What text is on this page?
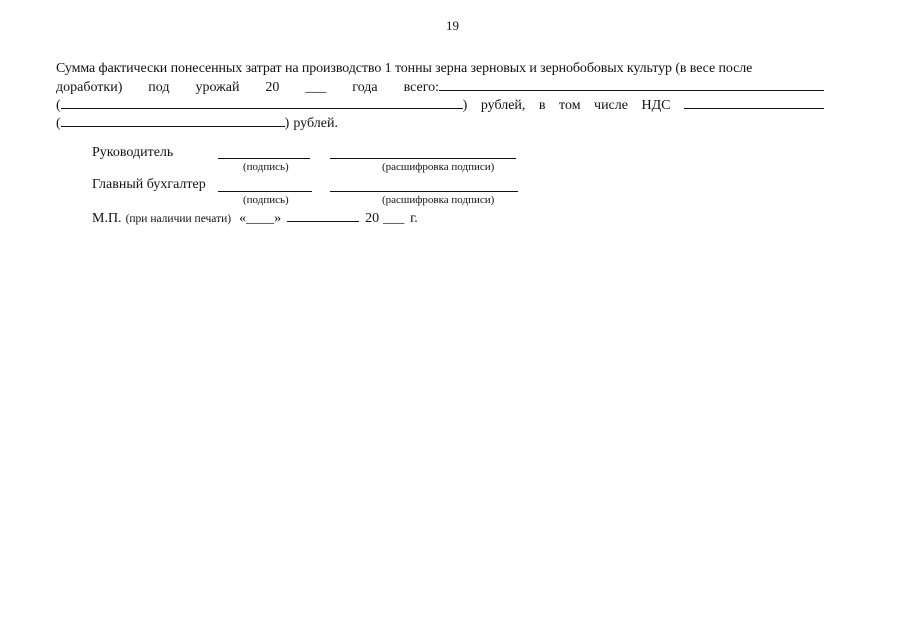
19
Сумма фактически понесенных затрат на производство 1 тонны зерна зерновых и зернобобовых культур (в весе после
доработки) под урожай 20 ___ года всего:
(	) рублей, в том числе НДС
(	) рублей.
Руководитель
(подпись)	(расшифровка подписи)
Главный бухгалтер
(подпись)	(расшифровка подписи)
М.П. (при наличии печати) « ____ »	20 ___ г.
